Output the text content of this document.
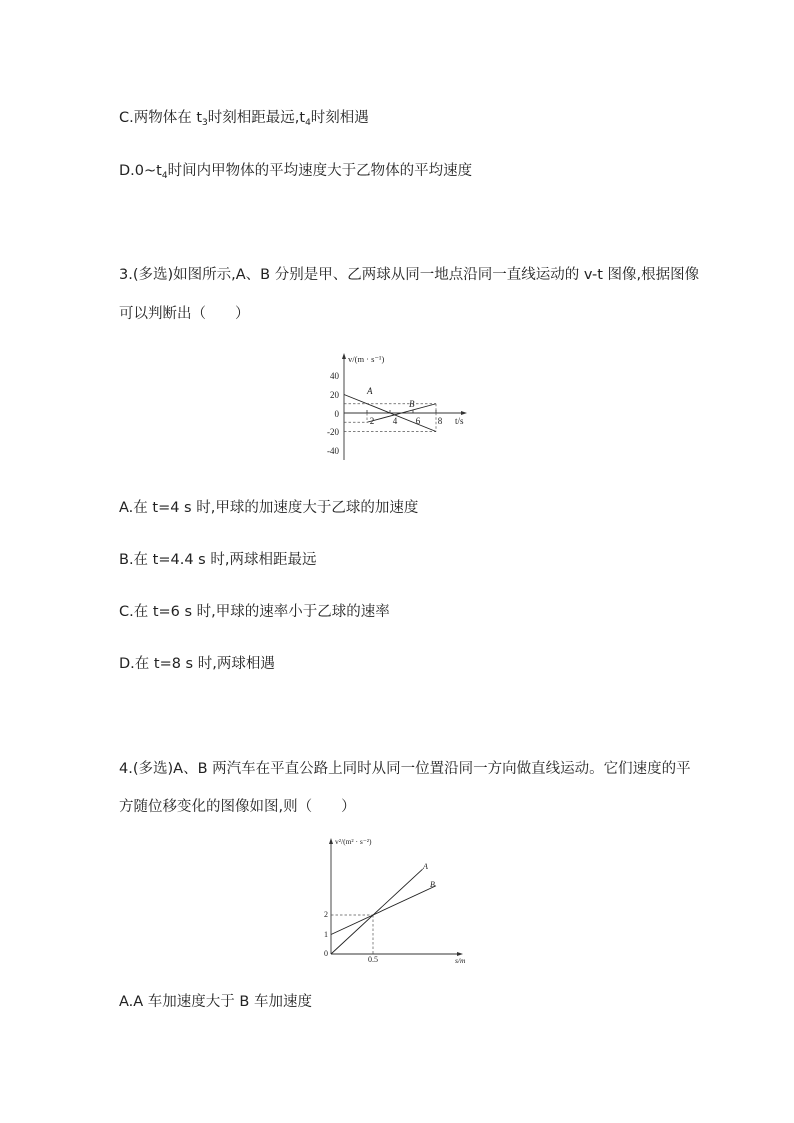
C.两物体在 $t_3$时刻相距最远$,t_4$时刻相遇
$D.0\sim t_4$时间内甲物体的平均速度大于乙物体的平均速度
3.(多选)如图所示,A、B 分别是甲、乙两球从同一地点沿同一直线运动的 v-t 图像,根据图像
可以判断出（　　）
v/(m · s⁻¹)
t/s
40
20
0
-20
-40
4 6 8
A
B
A.在 t=4 s 时,甲球的加速度大于乙球的加速度
B.在 t=4.4 s 时,两球相距最远
C.在 t=6 s 时,甲球的速率小于乙球的速率
D.在 t=8 s 时,两球相遇
4.(多选)A、B 两汽车在平直公路上同时从同一位置沿同一方向做直线运动。它们速度的平
方随位移变化的图像如图,则（　　）
v²/(m² · s⁻²)
s/m
2
1
0
0.5
A
B
A.A 车加速度大于 B 车加速度
